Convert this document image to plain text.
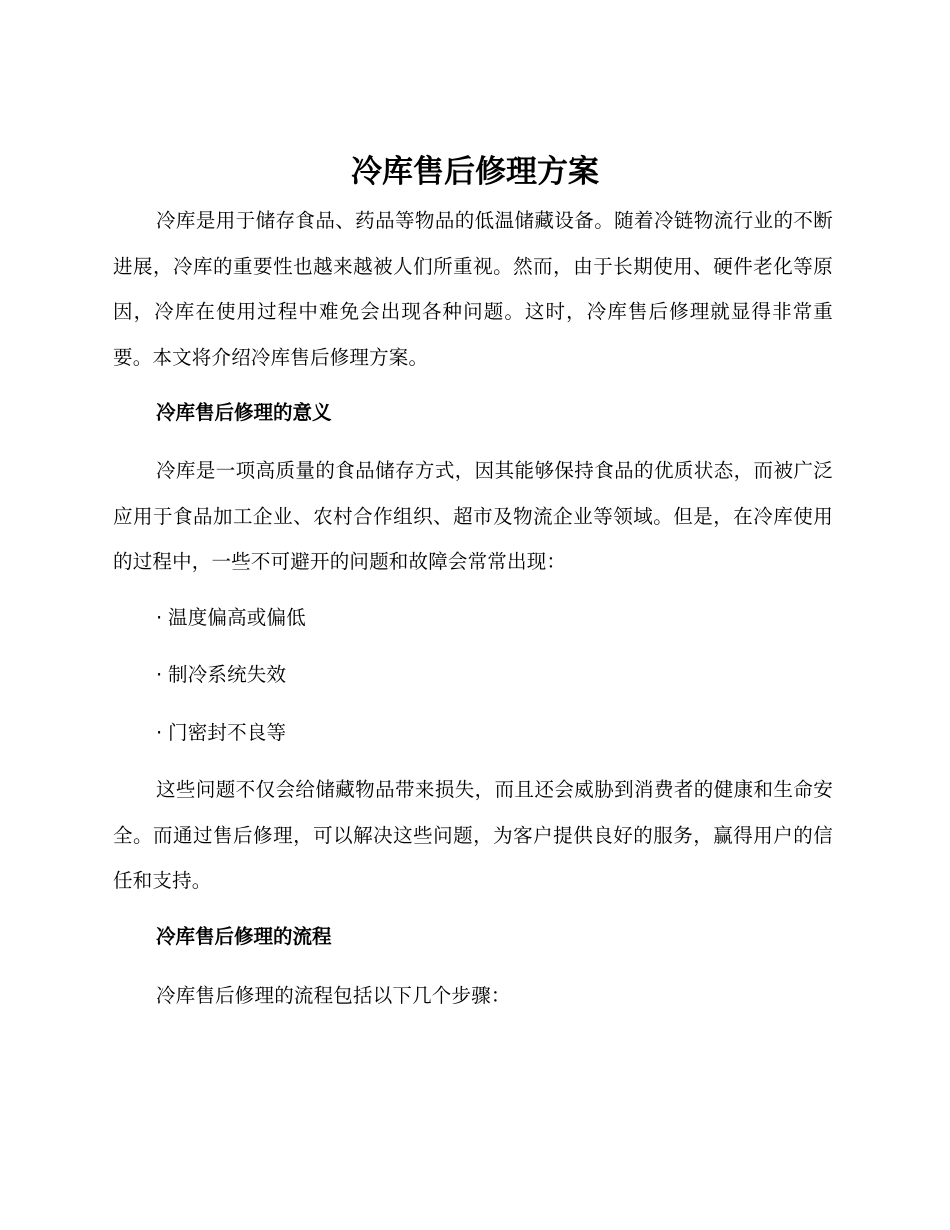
冷库售后修理方案

冷库是用于储存食品、药品等物品的低温储藏设备。随着冷链物流行业的不断进展，冷库的重要性也越来越被人们所重视。然而，由于长期使用、硬件老化等原因，冷库在使用过程中难免会出现各种问题。这时，冷库售后修理就显得非常重要。本文将介绍冷库售后修理方案。

冷库售后修理的意义

冷库是一项高质量的食品储存方式，因其能够保持食品的优质状态，而被广泛应用于食品加工企业、农村合作组织、超市及物流企业等领域。但是，在冷库使用的过程中，一些不可避开的问题和故障会常常出现：

· 温度偏高或偏低
· 制冷系统失效
· 门密封不良等

这些问题不仅会给储藏物品带来损失，而且还会威胁到消费者的健康和生命安全。而通过售后修理，可以解决这些问题，为客户提供良好的服务，赢得用户的信任和支持。

冷库售后修理的流程

冷库售后修理的流程包括以下几个步骤：
